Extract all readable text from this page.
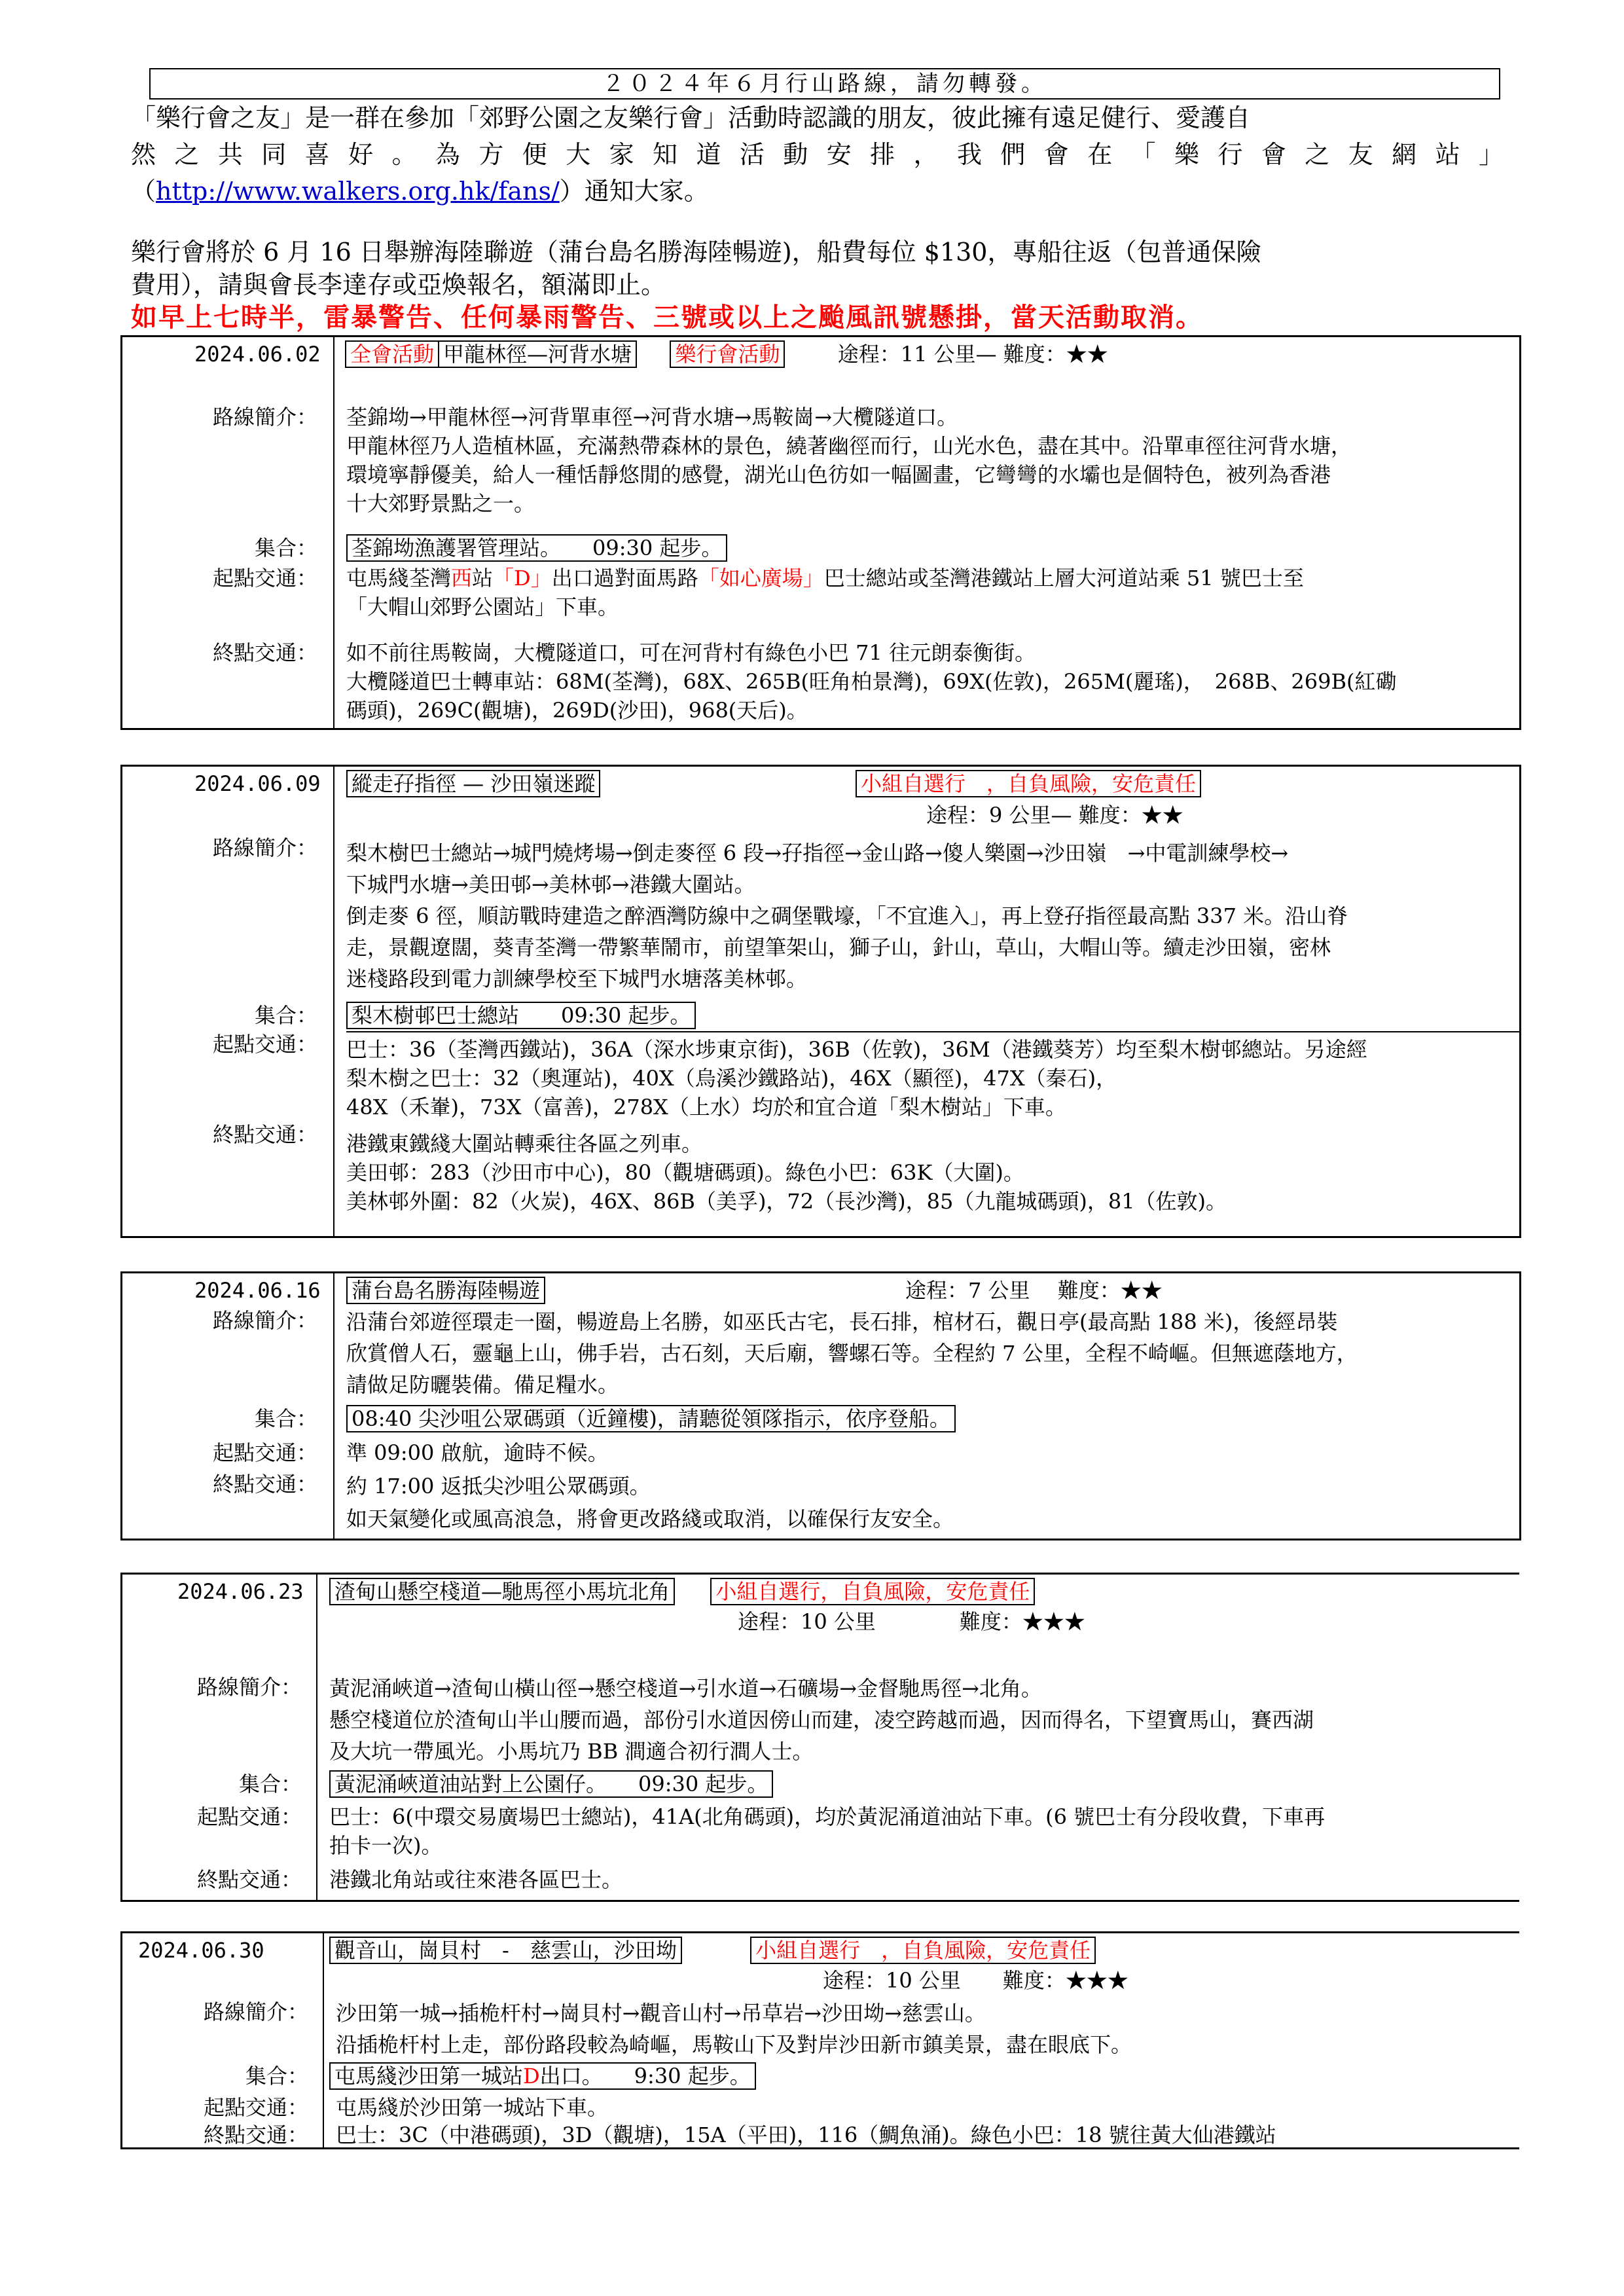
２０２４年６月行山路線，請勿轉發。

「樂行會之友」是一群在參加「郊野公園之友樂行會」活動時認識的朋友，彼此擁有遠足健行、愛護自

然之共同喜好。為方便大家知道活動安排，我們會在「樂行會之友網站」

（http://www.walkers.org.hk/fans/）通知大家。

樂行會將於 6 月 16 日舉辦海陸聯遊（蒲台島名勝海陸暢遊)，船費每位 $130，專船往返（包普通保險

費用），請與會長李達存或亞煥報名，額滿即止。

如早上七時半，雷暴警告、任何暴雨警告、三號或以上之颱風訊號懸掛，當天活動取消。

2024.06.02 全會活動 甲龍林徑—河背水塘 樂行會活動	途程：11 公里— 難度：★★
路線簡介： 荃錦坳→甲龍林徑→河背單車徑→河背水塘→馬鞍崗→大欖隧道口。

甲龍林徑乃人造植林區，充滿熱帶森林的景色，繞著幽徑而行，山光水色，盡在其中。沿單車徑往河背水塘，

環境寧靜優美，給人一種恬靜悠閒的感覺，湖光山色彷如一幅圖畫，它彎彎的水壩也是個特色，被列為香港

十大郊野景點之一。

集合： 荃錦坳漁護署管理站。　　09:30 起步。
起點交通： 屯馬綫荃灣西站「D」出口過對面馬路「如心廣場」巴士總站或荃灣港鐵站上層大河道站乘 51 號巴士至

「大帽山郊野公園站」下車。

終點交通： 如不前往馬鞍崗，大欖隧道口，可在河背村有綠色小巴 71 往元朗泰衡街。

大欖隧道巴士轉車站：68M(荃灣)，68X、265B(旺角柏景灣)，69X(佐敦)，265M(麗瑤)，　268B、269B(紅磡

碼頭)，269C(觀塘)，269D(沙田)，968(天后)。

2024.06.09 縱走孖指徑 — 沙田嶺迷蹤	小組自選行　，自負風險，安危責任
途程：9 公里— 難度：★★
路線簡介： 梨木樹巴士總站→城門燒烤場→倒走麥徑 6 段→孖指徑→金山路→傻人樂園→沙田嶺　→中電訓練學校→

下城門水塘→美田邨→美林邨→港鐵大圍站。

倒走麥 6 徑，順訪戰時建造之醉酒灣防線中之碉堡戰壕，「不宜進入」，再上登孖指徑最高點 337 米。沿山脊

走，景觀遼闊，葵青荃灣一帶繁華鬧市，前望筆架山，獅子山，針山，草山，大帽山等。續走沙田嶺，密林

迷棧路段到電力訓練學校至下城門水塘落美林邨。

集合： 梨木樹邨巴士總站　　09:30 起步。
起點交通： 巴士：36（荃灣西鐵站)，36A（深水埗東京街)，36B（佐敦)，36M（港鐵葵芳）均至梨木樹邨總站。另途經

梨木樹之巴士：32（奧運站)，40X（烏溪沙鐵路站)，46X（顯徑)，47X（秦石)，

48X（禾輋)，73X（富善)，278X（上水）均於和宜合道「梨木樹站」下車。

終點交通： 港鐵東鐵綫大圍站轉乘往各區之列車。

美田邨：283（沙田市中心)，80（觀塘碼頭)。綠色小巴：63K（大圍)。

美林邨外圍：82（火炭)，46X、86B（美孚)，72（長沙灣)，85（九龍城碼頭)，81（佐敦)。

2024.06.16 蒲台島名勝海陸暢遊	途程：7 公里　 難度：★★
路線簡介： 沿蒲台郊遊徑環走一圈，暢遊島上名勝，如巫氏古宅，長石排，棺材石，觀日亭(最高點 188 米)，後經昂裝

欣賞僧人石，靈龜上山，佛手岩，古石刻，天后廟，響螺石等。全程約 7 公里，全程不崎嶇。但無遮蔭地方，

請做足防曬裝備。備足糧水。

集合： 08:40 尖沙咀公眾碼頭（近鐘樓)，請聽從領隊指示，依序登船。
起點交通： 準 09:00 啟航，逾時不候。
終點交通： 約 17:00 返抵尖沙咀公眾碼頭。

如天氣變化或風高浪急，將會更改路綫或取消，以確保行友安全。

2024.06.23 渣甸山懸空棧道—馳馬徑小馬坑北角 小組自選行，自負風險，安危責任
途程：10 公里　　　　難度：★★★
路線簡介： 黃泥涌峽道→渣甸山橫山徑→懸空棧道→引水道→石礦場→金督馳馬徑→北角。

懸空棧道位於渣甸山半山腰而過，部份引水道因傍山而建，凌空跨越而過，因而得名，下望寶馬山，賽西湖

及大坑一帶風光。小馬坑乃 BB 澗適合初行澗人士。

集合： 黃泥涌峽道油站對上公園仔。　　09:30 起步。
起點交通： 巴士：6(中環交易廣場巴士總站)，41A(北角碼頭)，均於黃泥涌道油站下車。(6 號巴士有分段收費，下車再

拍卡一次)。

終點交通： 港鐵北角站或往來港各區巴士。
2024.06.30	觀音山，崗貝村　-　慈雲山，沙田坳	小組自選行　，自負風險，安危責任
途程：10 公里　　難度：★★★
路線簡介： 沙田第一城→插桅杆村→崗貝村→觀音山村→吊草岩→沙田坳→慈雲山。

沿插桅杆村上走，部份路段較為崎嶇，馬鞍山下及對岸沙田新市鎮美景，盡在眼底下。

集合： 屯馬綫沙田第一城站D出口。　　9:30 起步。
起點交通： 屯馬綫於沙田第一城站下車。
終點交通： 巴士：3C（中港碼頭)，3D（觀塘)，15A（平田)，116（鯛魚涌)。綠色小巴：18 號往黃大仙港鐵站
